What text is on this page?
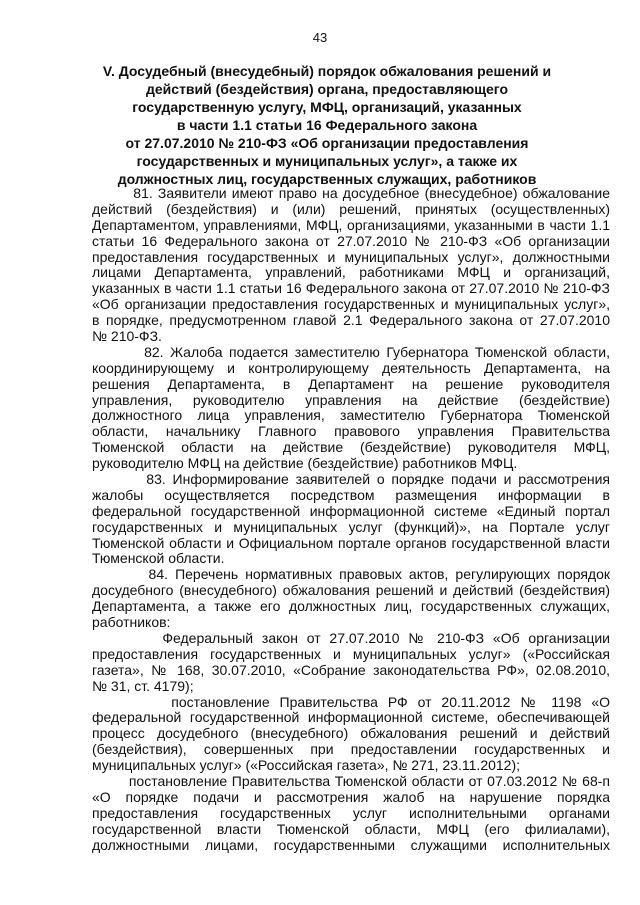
43
V. Досудебный (внесудебный) порядок обжалования решений и
действий (бездействия) органа, предоставляющего
государственную услугу, МФЦ, организаций, указанных
в части 1.1 статьи 16 Федерального закона
от 27.07.2010 № 210-ФЗ «Об организации предоставления
государственных и муниципальных услуг», а также их
должностных лиц, государственных служащих, работников
81. Заявители имеют право на досудебное (внесудебное) обжалование
действий (бездействия) и (или) решений, принятых (осуществленных)
Департаментом, управлениями, МФЦ, организациями, указанными в части 1.1
статьи 16 Федерального закона от 27.07.2010 № 210-ФЗ «Об организации
предоставления государственных и муниципальных услуг», должностными
лицами Департамента, управлений, работниками МФЦ и организаций,
указанных в части 1.1 статьи 16 Федерального закона от 27.07.2010 № 210-ФЗ
«Об организации предоставления государственных и муниципальных услуг»,
в порядке, предусмотренном главой 2.1 Федерального закона от 27.07.2010
№ 210-ФЗ.
82. Жалоба подается заместителю Губернатора Тюменской области,
координирующему и контролирующему деятельность Департамента, на
решения Департамента, в Департамент на решение руководителя
управления, руководителю управления на действие (бездействие)
должностного лица управления, заместителю Губернатора Тюменской
области, начальнику Главного правового управления Правительства
Тюменской области на действие (бездействие) руководителя МФЦ,
руководителю МФЦ на действие (бездействие) работников МФЦ.
83. Информирование заявителей о порядке подачи и рассмотрения
жалобы осуществляется посредством размещения информации в
федеральной государственной информационной системе «Единый портал
государственных и муниципальных услуг (функций)», на Портале услуг
Тюменской области и Официальном портале органов государственной власти
Тюменской области.
84. Перечень нормативных правовых актов, регулирующих порядок
досудебного (внесудебного) обжалования решений и действий (бездействия)
Департамента, а также его должностных лиц, государственных служащих,
работников:
Федеральный закон от 27.07.2010 № 210-ФЗ «Об организации
предоставления государственных и муниципальных услуг» («Российская
газета», № 168, 30.07.2010, «Собрание законодательства РФ», 02.08.2010,
№ 31, ст. 4179);
постановление Правительства РФ от 20.11.2012 № 1198 «О
федеральной государственной информационной системе, обеспечивающей
процесс досудебного (внесудебного) обжалования решений и действий
(бездействия), совершенных при предоставлении государственных и
муниципальных услуг» («Российская газета», № 271, 23.11.2012);
постановление Правительства Тюменской области от 07.03.2012 № 68-п
«О порядке подачи и рассмотрения жалоб на нарушение порядка
предоставления государственных услуг исполнительными органами
государственной власти Тюменской области, МФЦ (его филиалами),
должностными лицами, государственными служащими исполнительных
